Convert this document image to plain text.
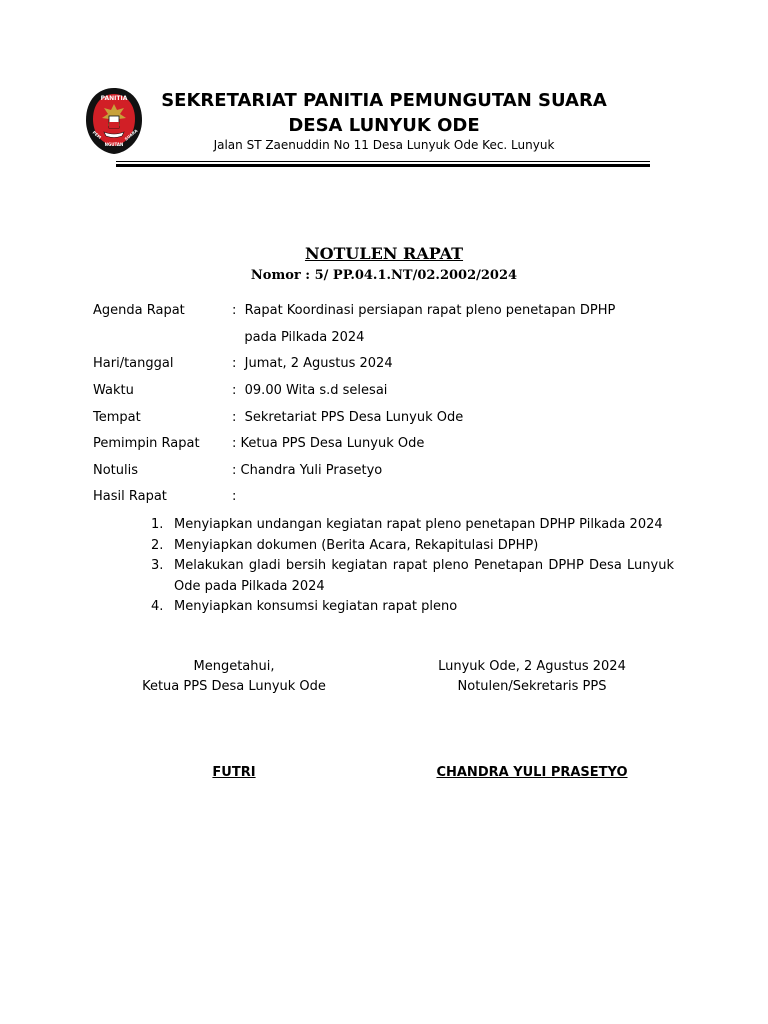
PANITIA
PEM
NGUTAN
SUARA
SEKRETARIAT PANITIA PEMUNGUTAN SUARA
DESA LUNYUK ODE
Jalan ST Zaenuddin No 11 Desa Lunyuk Ode Kec. Lunyuk
NOTULEN RAPAT
Nomor : 5/ PP.04.1.NT/02.2002/2024
Agenda Rapat	:  Rapat Koordinasi persiapan rapat pleno penetapan DPHP
pada Pilkada 2024
Hari/tanggal	:  Jumat, 2 Agustus 2024
Waktu	:  09.00 Wita s.d selesai
Tempat	:  Sekretariat PPS Desa Lunyuk Ode
Pemimpin Rapat : Ketua PPS Desa Lunyuk Ode
Notulis	: Chandra Yuli Prasetyo
Hasil Rapat	:
1. Menyiapkan undangan kegiatan rapat pleno penetapan DPHP Pilkada 2024
2. Menyiapkan dokumen (Berita Acara, Rekapitulasi DPHP)
3. Melakukan gladi bersih kegiatan rapat pleno Penetapan DPHP Desa Lunyuk Ode pada Pilkada 2024
4. Menyiapkan konsumsi kegiatan rapat pleno
Mengetahui,
Ketua PPS Desa Lunyuk Ode
Lunyuk Ode, 2 Agustus 2024
Notulen/Sekretaris PPS
FUTRI	CHANDRA YULI PRASETYO
